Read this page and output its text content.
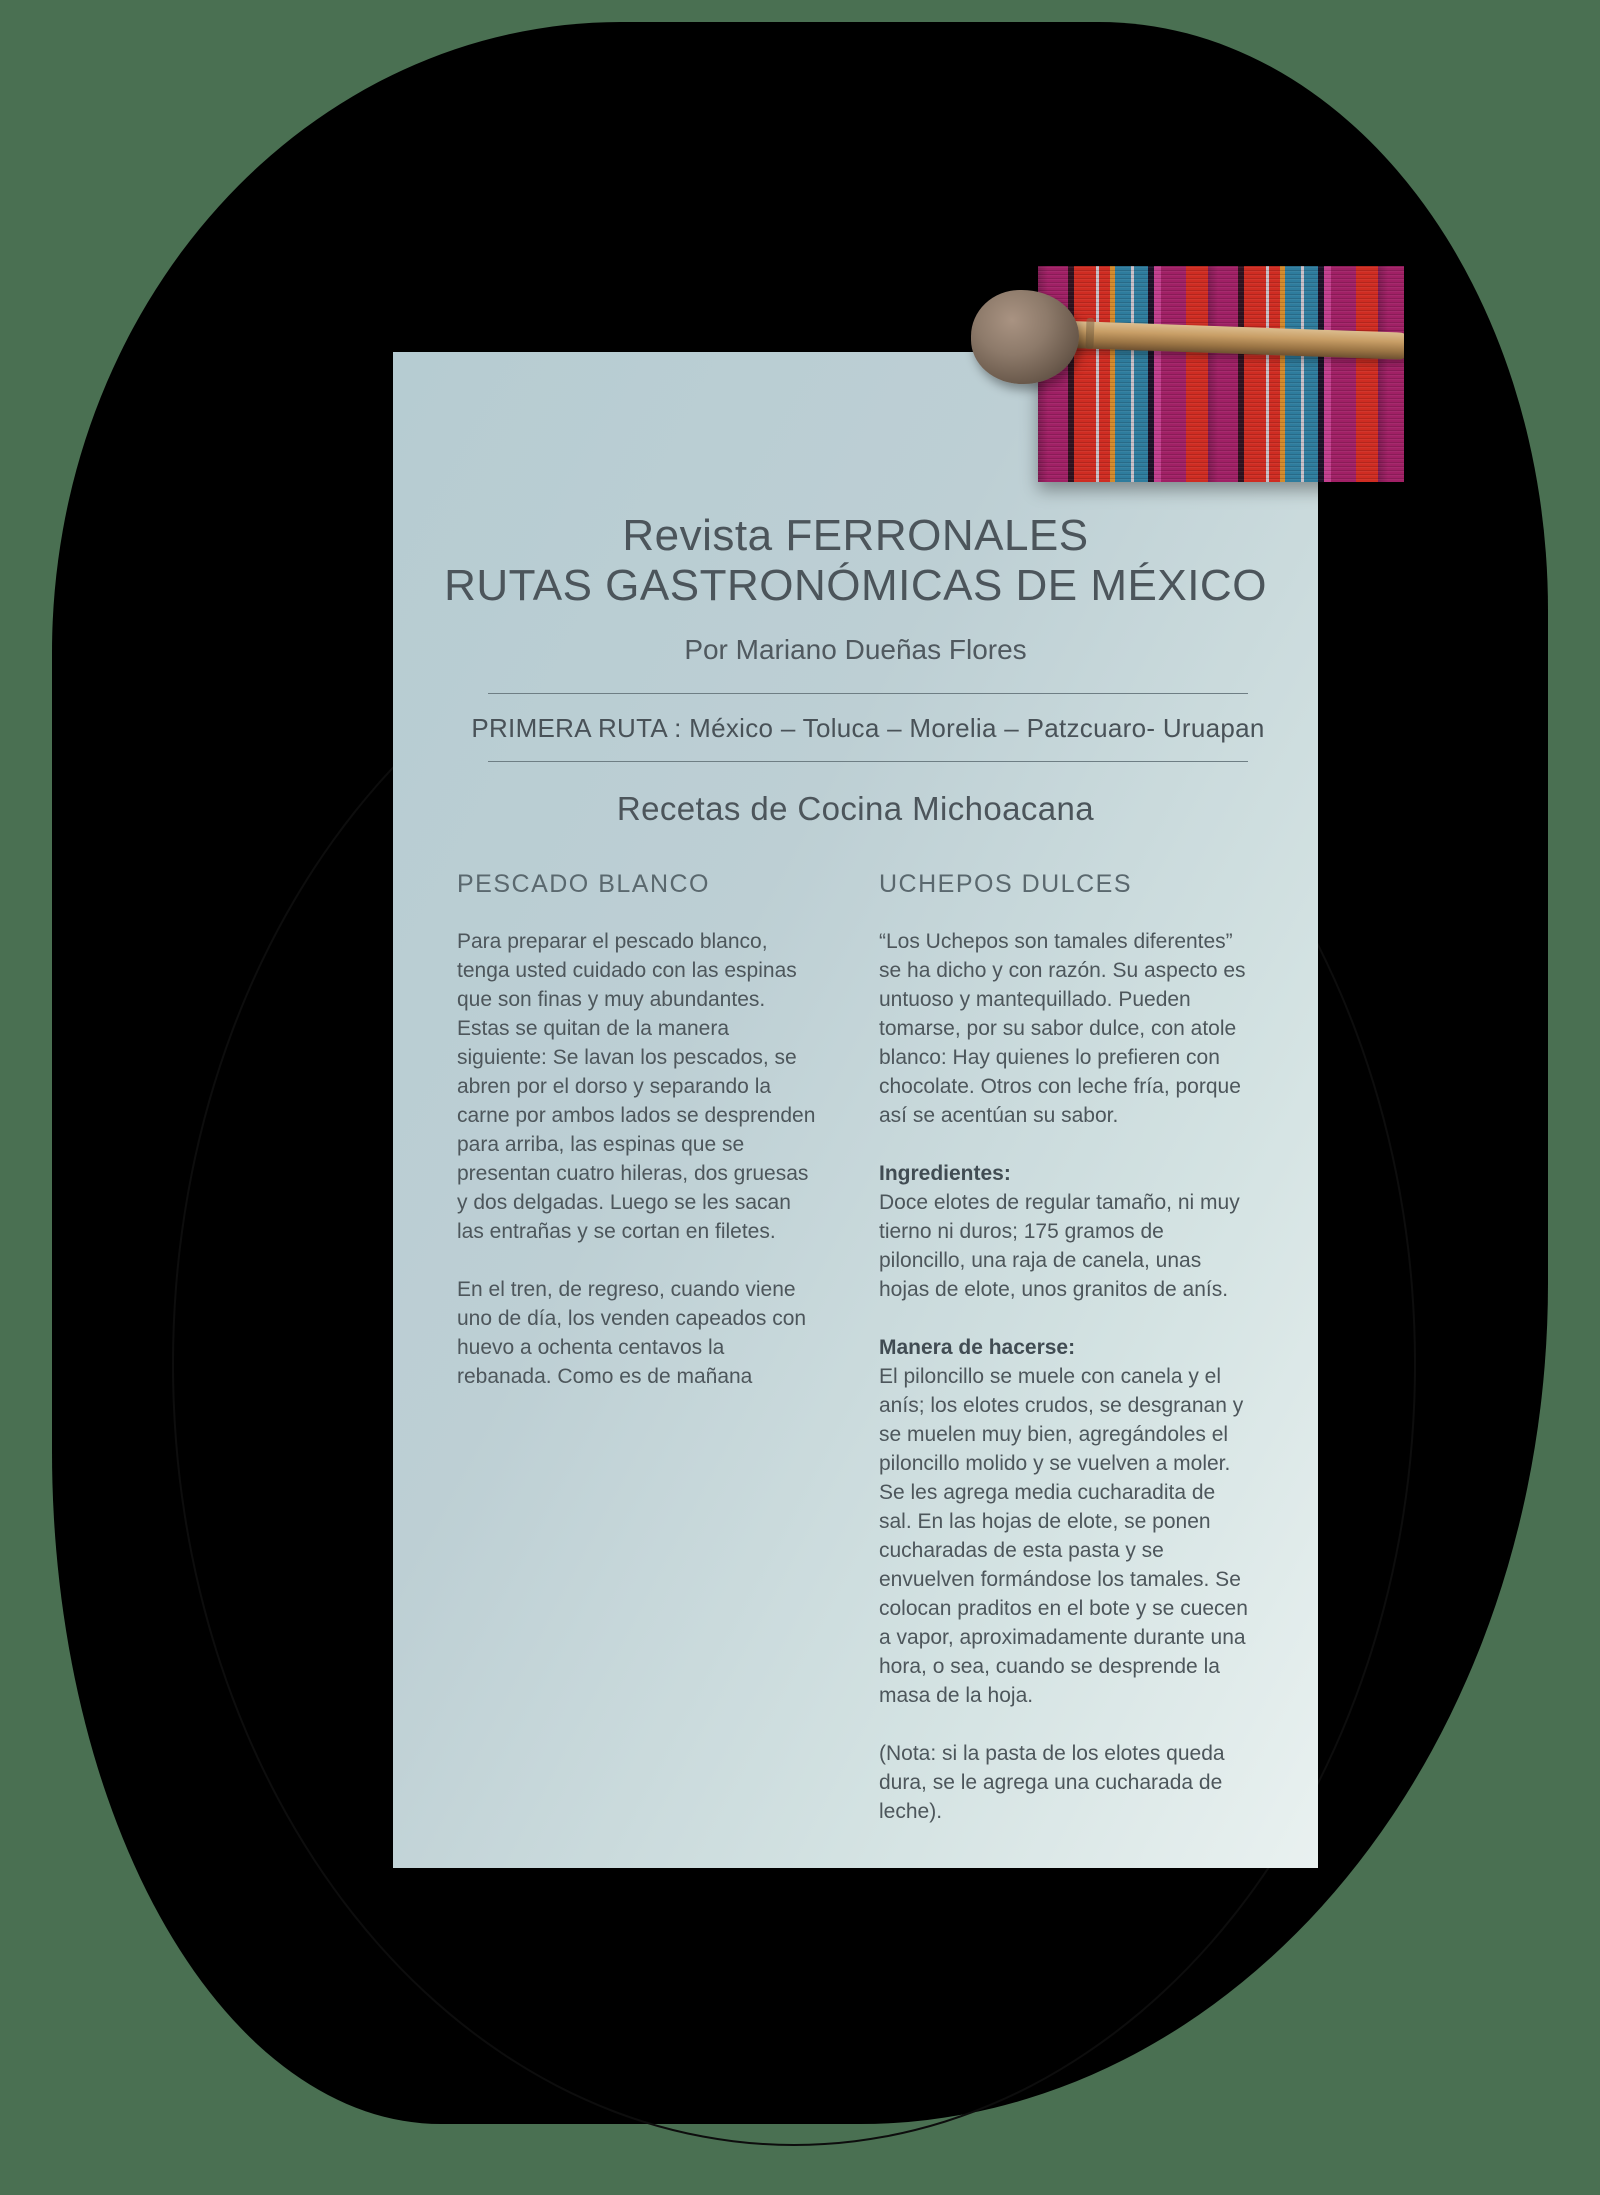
Revista FERRONALES
RUTAS GASTRONÓMICAS DE MÉXICO
Por Mariano Dueñas Flores
PRIMERA RUTA : México – Toluca – Morelia – Patzcuaro- Uruapan
Recetas de Cocina Michoacana
PESCADO BLANCO

Para preparar el pescado blanco, tenga usted cuidado con las espinas que son finas y muy abundantes. Estas se quitan de la manera siguiente: Se lavan los pescados, se abren por el dorso y separando la carne por ambos lados se desprenden para arriba, las espinas que se presentan cuatro hileras, dos gruesas y dos delgadas. Luego se les sacan las entrañas y se cortan en filetes.

En el tren, de regreso, cuando viene uno de día, los venden capeados con huevo a ochenta centavos la rebanada. Como es de mañana

UCHEPOS DULCES

“Los Uchepos son tamales diferentes” se ha dicho y con razón. Su aspecto es untuoso y mantequillado. Pueden tomarse, por su sabor dulce, con atole blanco: Hay quienes lo prefieren con chocolate. Otros con leche fría, porque así se acentúan su sabor.

Ingredientes:

Doce elotes de regular tamaño, ni muy tierno ni duros; 175 gramos de piloncillo, una raja de canela, unas hojas de elote, unos granitos de anís.

Manera de hacerse:

El piloncillo se muele con canela y el anís; los elotes crudos, se desgranan y se muelen muy bien, agregándoles el piloncillo molido y se vuelven a moler. Se les agrega media cucharadita de sal. En las hojas de elote, se ponen cucharadas de esta pasta y se envuelven formándose los tamales. Se colocan praditos en el bote y se cuecen a vapor, aproximadamente durante una hora, o sea, cuando se desprende la masa de la hoja.

(Nota: si la pasta de los elotes queda dura, se le agrega una cucharada de leche).
